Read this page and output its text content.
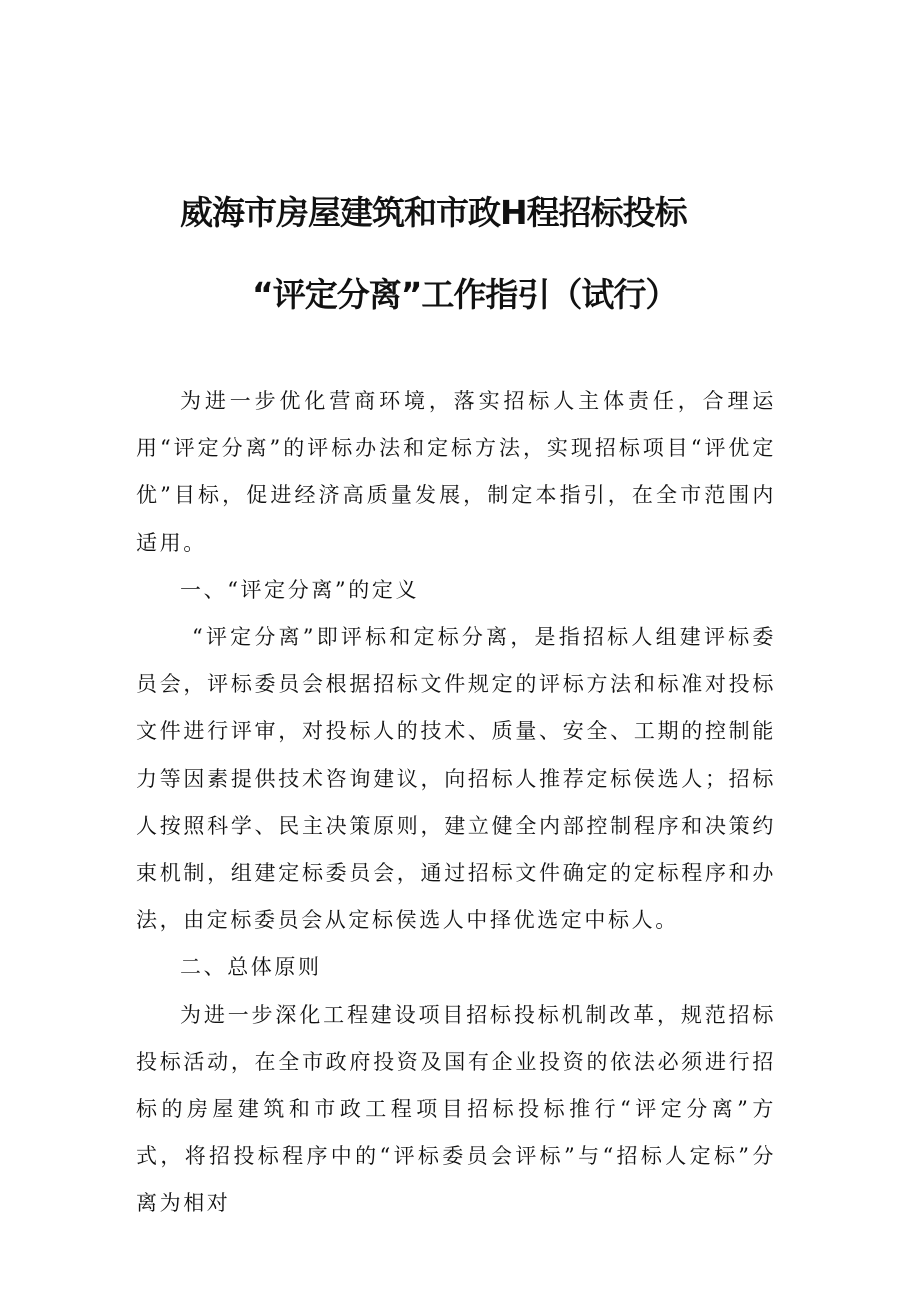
威海市房屋建筑和市政H程招标投标
“评定分离”工作指引（试行）

为进一步优化营商环境，落实招标人主体责任，合理运用“评定分离”的评标办法和定标方法，实现招标项目“评优定优”目标，促进经济高质量发展，制定本指引，在全市范围内适用。

一、“评定分离”的定义

“评定分离”即评标和定标分离，是指招标人组建评标委员会，评标委员会根据招标文件规定的评标方法和标准对投标文件进行评审，对投标人的技术、质量、安全、工期的控制能力等因素提供技术咨询建议，向招标人推荐定标侯选人；招标人按照科学、民主决策原则，建立健全内部控制程序和决策约束机制，组建定标委员会，通过招标文件确定的定标程序和办法，由定标委员会从定标侯选人中择优选定中标人。

二、总体原则

为进一步深化工程建设项目招标投标机制改革，规范招标投标活动，在全市政府投资及国有企业投资的依法必须进行招标的房屋建筑和市政工程项目招标投标推行“评定分离”方式，将招投标程序中的“评标委员会评标”与“招标人定标”分离为相对
